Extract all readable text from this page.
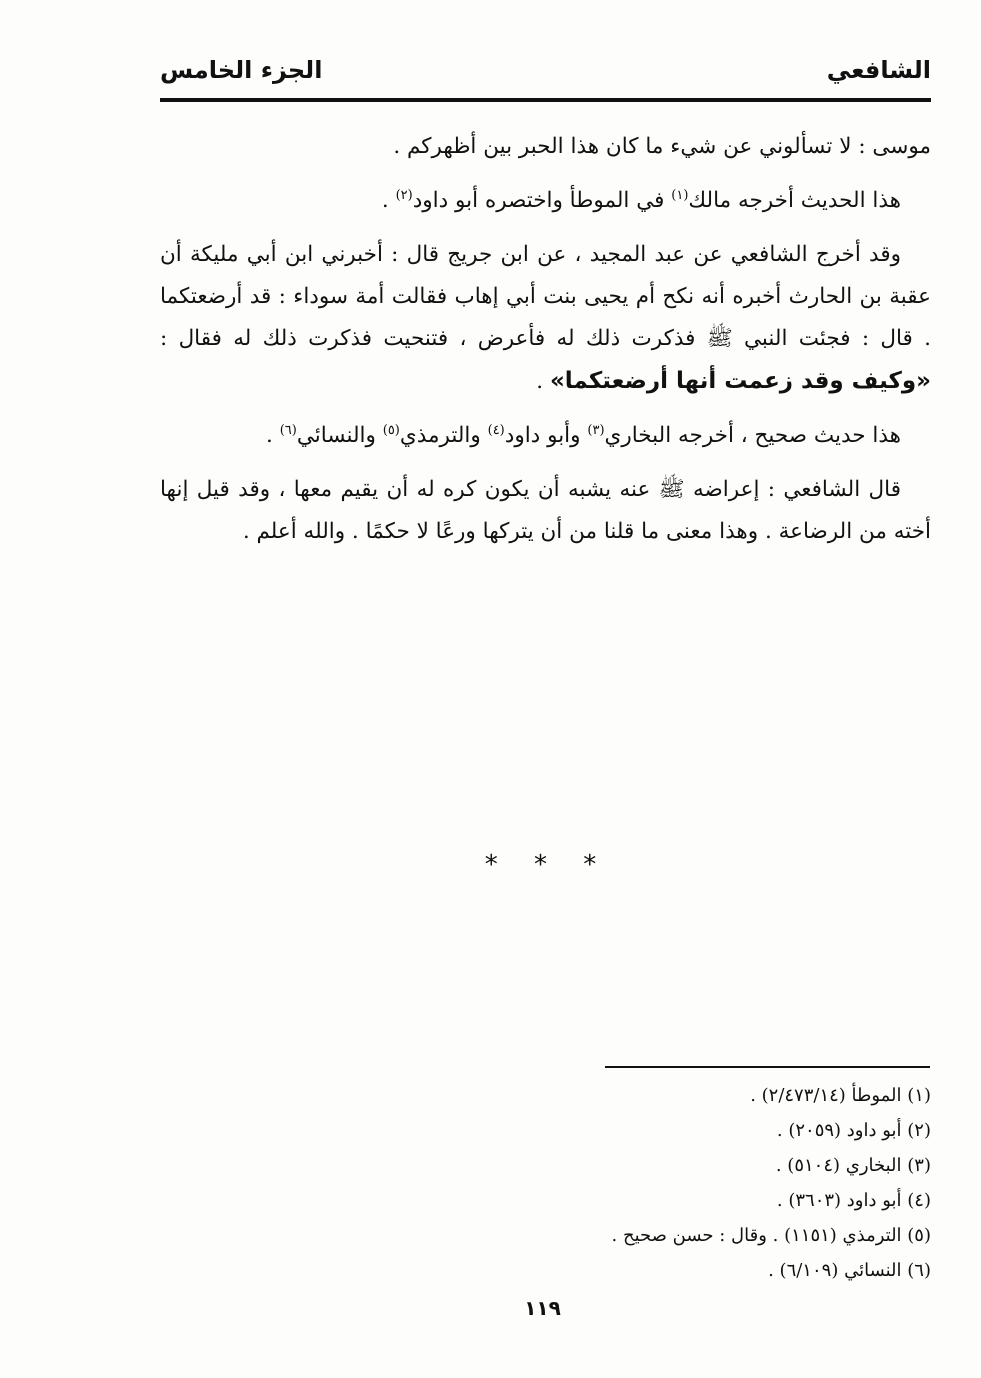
الشافعي
الجزء الخامس

موسى : لا تسألوني عن شيء ما كان هذا الحبر بين أظهركم .

هذا الحديث أخرجه مالك$^{(١)}$ في الموطأ واختصره أبو داود$^{(٢)}$ .

وقد أخرج الشافعي عن عبد المجيد ، عن ابن جريج قال : أخبرني ابن أبي مليكة أن عقبة بن الحارث أخبره أنه نكح أم يحيى بنت أبي إهاب فقالت أمة سوداء : قد أرضعتكما . قال : فجئت النبي ﷺ فذكرت ذلك له فأعرض ، فتنحيت فذكرت ذلك له فقال : «وكيف وقد زعمت أنها أرضعتكما» .

هذا حديث صحيح ، أخرجه البخاري$^{(٣)}$ وأبو داود$^{(٤)}$ والترمذي$^{(٥)}$ والنسائي$^{(٦)}$ .

قال الشافعي : إعراضه ﷺ عنه يشبه أن يكون كره له أن يقيم معها ، وقد قيل إنها أخته من الرضاعة . وهذا معنى ما قلنا من أن يتركها ورعًا لا حكمًا . والله أعلم .

* * *
(١) الموطأ (٢/٤٧٣/١٤) .
(٢) أبو داود (٢٠٥٩) .
(٣) البخاري (٥١٠٤) .
(٤) أبو داود (٣٦٠٣) .
(٥) الترمذي (١١٥١) . وقال : حسن صحيح .
(٦) النسائي (٦/١٠٩) .
١١٩
